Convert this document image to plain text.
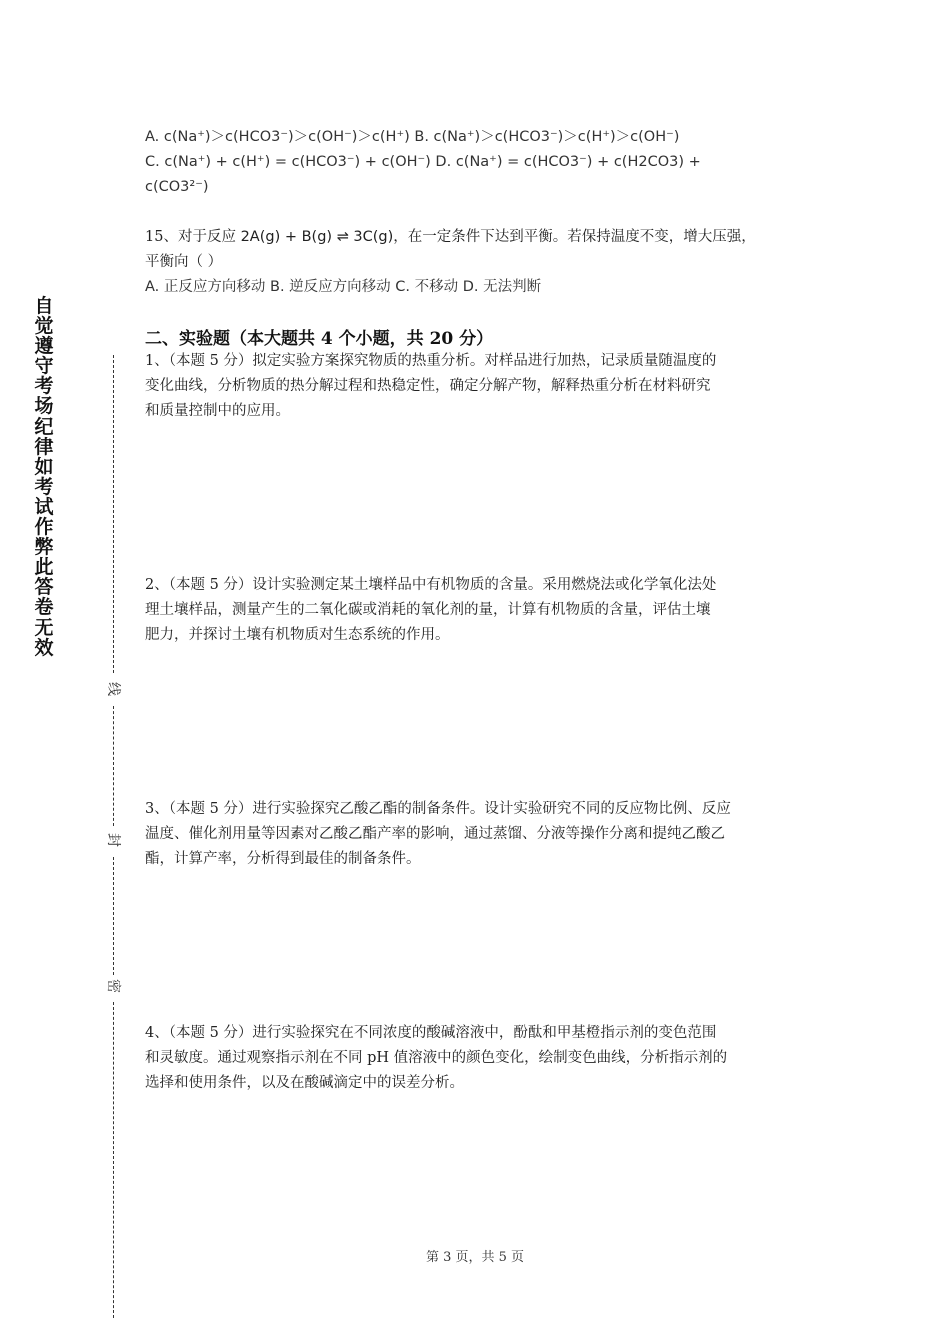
自觉遵守考场纪律如考试作弊此答卷无效
线
封
密
A. c(Na⁺)＞c(HCO3⁻)＞c(OH⁻)＞c(H⁺) B. c(Na⁺)＞c(HCO3⁻)＞c(H⁺)＞c(OH⁻)
C. c(Na⁺) + c(H⁺) = c(HCO3⁻) + c(OH⁻) D. c(Na⁺) = c(HCO3⁻) + c(H2CO3) +
c(CO3²⁻)
15、对于反应 2A(g) + B(g) ⇌ 3C(g)，在一定条件下达到平衡。若保持温度不变，增大压强，
平衡向（ ）
A. 正反应方向移动 B. 逆反应方向移动 C. 不移动 D. 无法判断
二、实验题（本大题共 4 个小题，共 20 分）
1、（本题 5 分）拟定实验方案探究物质的热重分析。对样品进行加热，记录质量随温度的
变化曲线，分析物质的热分解过程和热稳定性，确定分解产物，解释热重分析在材料研究
和质量控制中的应用。
2、（本题 5 分）设计实验测定某土壤样品中有机物质的含量。采用燃烧法或化学氧化法处
理土壤样品，测量产生的二氧化碳或消耗的氧化剂的量，计算有机物质的含量，评估土壤
肥力，并探讨土壤有机物质对生态系统的作用。
3、（本题 5 分）进行实验探究乙酸乙酯的制备条件。设计实验研究不同的反应物比例、反应
温度、催化剂用量等因素对乙酸乙酯产率的影响，通过蒸馏、分液等操作分离和提纯乙酸乙
酯，计算产率，分析得到最佳的制备条件。
4、（本题 5 分）进行实验探究在不同浓度的酸碱溶液中，酚酞和甲基橙指示剂的变色范围
和灵敏度。通过观察指示剂在不同 pH 值溶液中的颜色变化，绘制变色曲线，分析指示剂的
选择和使用条件，以及在酸碱滴定中的误差分析。
第 3 页，共 5 页
